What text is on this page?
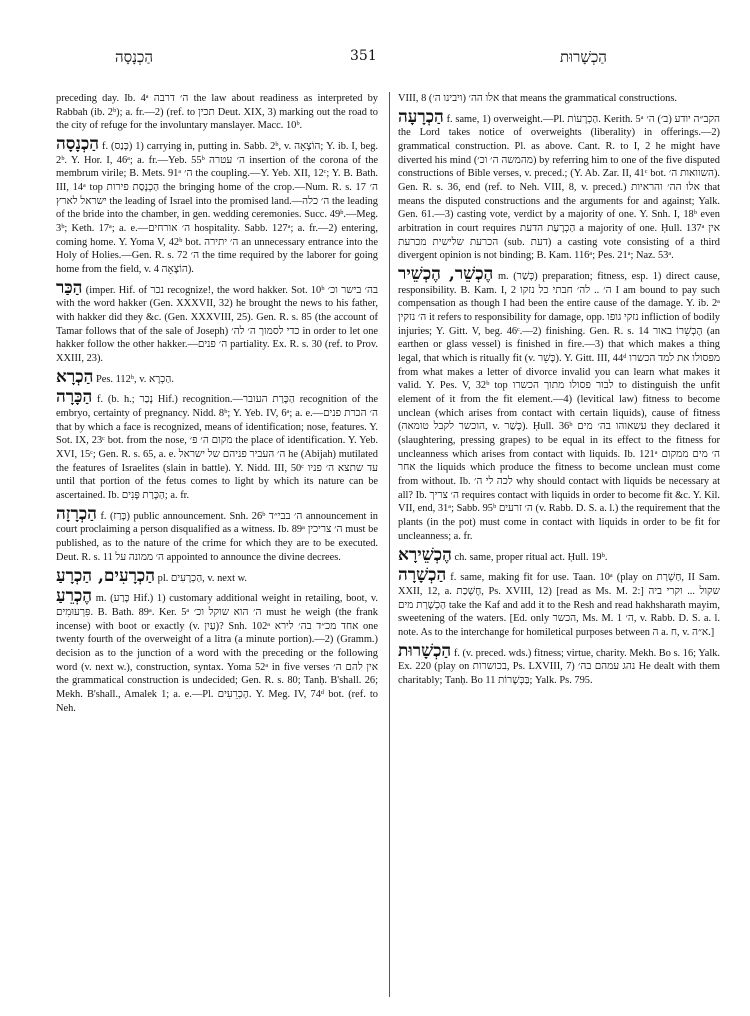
הַכְנָסָה	351	הַכְשָׁרוּת

preceding day. Ib. 4ᵃ ה׳ דרבה the law about readiness as interpreted by Rabbah (ib. 2ᵇ); a. fr.—2) (ref. to תכין Deut. XIX, 3) marking out the road to the city of refuge for the involuntary manslayer. Macc. 10ᵇ.

הַכְנָסָה f. (כָּנַס) 1) carrying in, putting in. Sabb. 2ᵇ, v. הוֹצָאָה; Y. ib. I, beg. 2ᵇ. Y. Hor. I, 46ᵃ; a. fr.—Yeb. 55ᵇ ה׳ עטרה insertion of the corona of the membrum virile; B. Mets. 91ᵃ ה׳ the coupling.—Y. Yeb. XII, 12ᶜ; Y. B. Bath. III, 14ᵃ top הַכְנָסַת פירות the bringing home of the crop.—Num. R. s. 17 ה׳ ישראל לארץ the leading of Israel into the promised land.—ה׳ כלה the leading of the bride into the chamber, in gen. wedding ceremonies. Succ. 49ᵇ.—Meg. 3ᵇ; Keth. 17ᵃ; a. e.—ה׳ אורחים hospitality. Sabb. 127ᵃ; a. fr.—2) entering, coming home. Y. Yoma V, 42ᵇ bot. ה׳ יתירה an unnecessary entrance into the Holy of Holies.—Gen. R. s. 72 ה׳ the time required by the laborer for going home from the field, v. הוֹצָאָה 4).

הַכַּר (imper. Hif. of נכר recognize!, the word hakker. Sot. 10ᵇ בה׳ בישר וכ׳ with the word hakker (Gen. XXXVII, 32) he brought the news to his father, with hakker did they &c. (Gen. XXXVIII, 25). Gen. R. s. 85 (the account of Tamar follows that of the sale of Joseph) כדי לסמוך ה׳ לה׳ in order to let one hakker follow the other hakker.—ה׳ פנים partiality. Ex. R. s. 30 (ref. to Prov. XXIII, 23).

הַכְרָא Pes. 112ᵇ, v. הַכְרָא.

הַכָּרָה f. (b. h.; נָכַר Hif.) recognition.—הַכָּרַת העובר recognition of the embryo, certainty of pregnancy. Nidd. 8ᵇ; Y. Yeb. IV, 6ᵃ; a. e.—ה׳ הכרת פנים that by which a face is recognized, means of identification; nose, features. Y. Sot. IX, 23ᶜ bot. from the nose, מקום ה׳ פ׳ the place of identification. Y. Yeb. XVI, 15ᶜ; Gen. R. s. 65, a. e. ה׳ העביר פניהם של ישראל he (Abijah) mutilated the features of Israelites (slain in battle). Y. Nidd. III, 50ᶜ עד שתצא ה׳ פניו until that portion of the fetus comes to light by which its nature can be ascertained. Ib. הַכָּרַת פָּנִים; a. fr.

הַכְרָזָה f. (כָּרַז) public announcement. Snh. 26ᵇ ה׳ בבי״ד announcement in court proclaiming a person disqualified as a witness. Ib. 89ᵃ ה׳ צריכין must be published, as to the nature of the crime for which they are to be executed. Deut. R. s. 11 ה׳ ממונה על appointed to announce the divine decrees.

הַכְרָעִים, הַכְרָעַ pl. הַכְרָעִים, v. next w.

הֶכְרֵעַ m. (כָּרַע Hif.) 1) customary additional weight in retailing, boot, v. פִּרְעוּמִים. B. Bath. 89ᵃ. Ker. 5ᵃ ה׳ הוא שוקל וכ׳ must he weigh (the frank incense) with boot or exactly (v. עַיִן)? Snh. 102ᵃ אחד מכ״ד בה׳ לירא one twenty fourth of the overweight of a litra (a minute portion).—2) (Gramm.) decision as to the junction of a word with the preceding or the following word (v. next w.), construction, syntax. Yoma 52ᵃ in five verses אין להם ה׳ the grammatical construction is undecided; Gen. R. s. 80; Tanḥ. B'shall. 26; Mekh. B'shall., Amalek 1; a. e.—Pl. הֶכְרֵעִים. Y. Meg. IV, 74ᵈ bot. (ref. to Neh.

VIII, 8 (ויבינו ה׳) אלו הה׳ that means the grammatical constructions.

הַכְרָעָה f. same, 1) overweight.—Pl. הַכְרָעוֹת. Kerith. 5ᵃ הקב״ה יודע (ב׳) ה׳ the Lord takes notice of overweights (liberality) in offerings.—2) grammatical construction. Pl. as above. Cant. R. to I, 2 he might have diverted his mind (מהמשה ה׳ וכ׳) by referring him to one of the five disputed constructions of Bible verses, v. preced.; (Y. Ab. Zar. II, 41ᶜ bot. השוואות ה׳). Gen. R. s. 36, end (ref. to Neh. VIII, 8, v. preced.) אלו הה׳ והראיות that means the disputed constructions and the arguments for and against; Yalk. Gen. 61.—3) casting vote, verdict by a majority of one. Y. Snh. I, 18ᵇ even arbitration in court requires הַכְרָעַת הדעת a majority of one. Ḥull. 137ᵃ אין הכרעת שלישית מכרעת (sub. דעת) a casting vote consisting of a third divergent opinion is not binding; B. Kam. 116ᵃ; Pes. 21ᵃ; Naz. 53ᵃ.

הֶכְשֵׁר, הֶכְשֵׁיר m. (כָּשַׁר) preparation; fitness, esp. 1) direct cause, responsibility. B. Kam. I, 2 ה׳ .. לה׳ חבתי כל נזקו I am bound to pay such compensation as though I had been the entire cause of the damage. Y. ib. 2ᵃ ה׳ נזקין it refers to responsibility for damage, opp. נזקי גופו infliction of bodily injuries; Y. Gitt. V, beg. 46ᶜ.—2) finishing. Gen. R. s. 14 הֶכְשֵׁרוֹ באור (an earthen or glass vessel) is finished in fire.—3) that which makes a thing legal, that which is ritually fit (v. כָּשֵׁר). Y. Gitt. III, 44ᵈ מפסולו את למד הכשרו from what makes a letter of divorce invalid you can learn what makes it valid. Y. Pes. V, 32ᵇ top לבור פסולו מתוך הכשרו to distinguish the unfit element of it from the fit element.—4) (levitical law) fitness to become unclean (which arises from contact with certain liquids), cause of fitness (הוכשר לקבל טומאה, v. כָּשַׁר). Ḥull. 36ᵇ עשאוהו בה׳ מים they declared it (slaughtering, pressing grapes) to be equal in its effect to the fitness for uncleanness which arises from contact with liquids. Ib. 121ᵃ ה׳ מים ממקום אחר the liquids which produce the fitness to become unclean must come from without. Ib. לכה לי ה׳ why should contact with liquids be necessary at all? Ib. ה׳ צריך requires contact with liquids in order to become fit &c. Y. Kil. VII, end, 31ᵃ; Sabb. 95ᵇ ה׳ זרעים (v. Rabb. D. S. a. l.) the requirement that the plants (in the pot) must come in contact with liquids in order to be fit for uncleanness; a. fr.

הֶכְשֵׁירָא ch. same, proper ritual act. Ḥull. 19ᵇ.

הַכְשָׁרָה f. same, making fit for use. Taan. 10ᵃ (play on חַשְׁרַת, II Sam. XXII, 12, a. חֶשְׁכַת, Ps. XVIII, 12) [read as Ms. M. 2:] שקול ... וקרי ביה הַכְשָׁרַת מים take the Kaf and add it to the Resh and read hakhsharath mayim, sweetening of the waters. [Ed. only הכשר, Ms. M. 1 ה׳, v. Rabb. D. S. a. l. note. As to the interchange for homiletical purposes between ה a. ח, v. א״ה.]

הַכְשָׁרוּת f. (v. preced. wds.) fitness; virtue, charity. Mekh. Bo s. 16; Yalk. Ex. 220 (play on בכושרות, Ps. LXVIII, 7) נהג עמהם בה׳ He dealt with them charitably; Tanḥ. Bo 11 בַּכְּשָׁרוֹת; Yalk. Ps. 795.
